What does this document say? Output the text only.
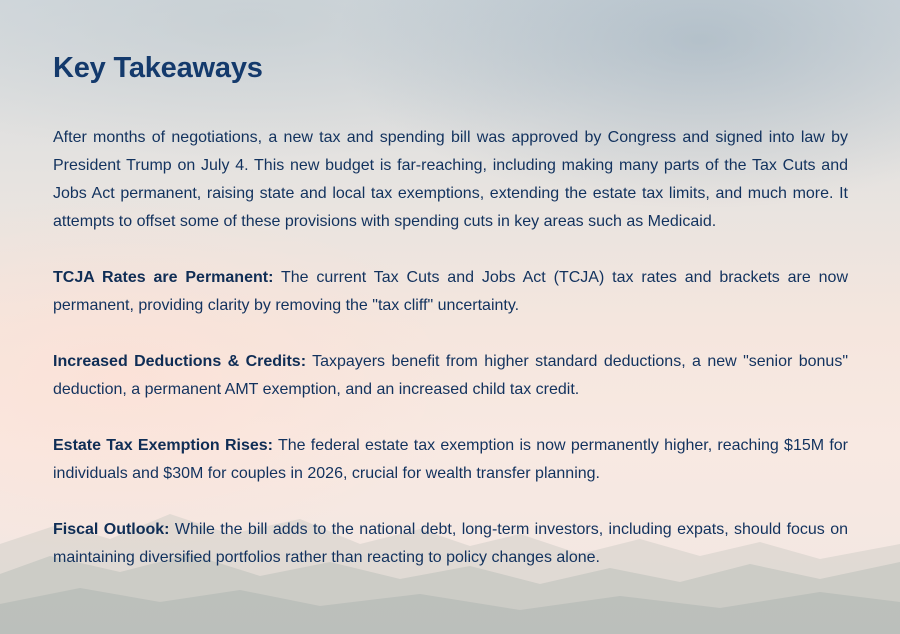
Key Takeaways

After months of negotiations, a new tax and spending bill was approved by Congress and signed into law by President Trump on July 4. This new budget is far-reaching, including making many parts of the Tax Cuts and Jobs Act permanent, raising state and local tax exemptions, extending the estate tax limits, and much more. It attempts to offset some of these provisions with spending cuts in key areas such as Medicaid.

TCJA Rates are Permanent: The current Tax Cuts and Jobs Act (TCJA) tax rates and brackets are now permanent, providing clarity by removing the "tax cliff" uncertainty.

Increased Deductions & Credits: Taxpayers benefit from higher standard deductions, a new "senior bonus" deduction, a permanent AMT exemption, and an increased child tax credit.

Estate Tax Exemption Rises: The federal estate tax exemption is now permanently higher, reaching $15M for individuals and $30M for couples in 2026, crucial for wealth transfer planning.

Fiscal Outlook: While the bill adds to the national debt, long-term investors, including expats, should focus on maintaining diversified portfolios rather than reacting to policy changes alone.
